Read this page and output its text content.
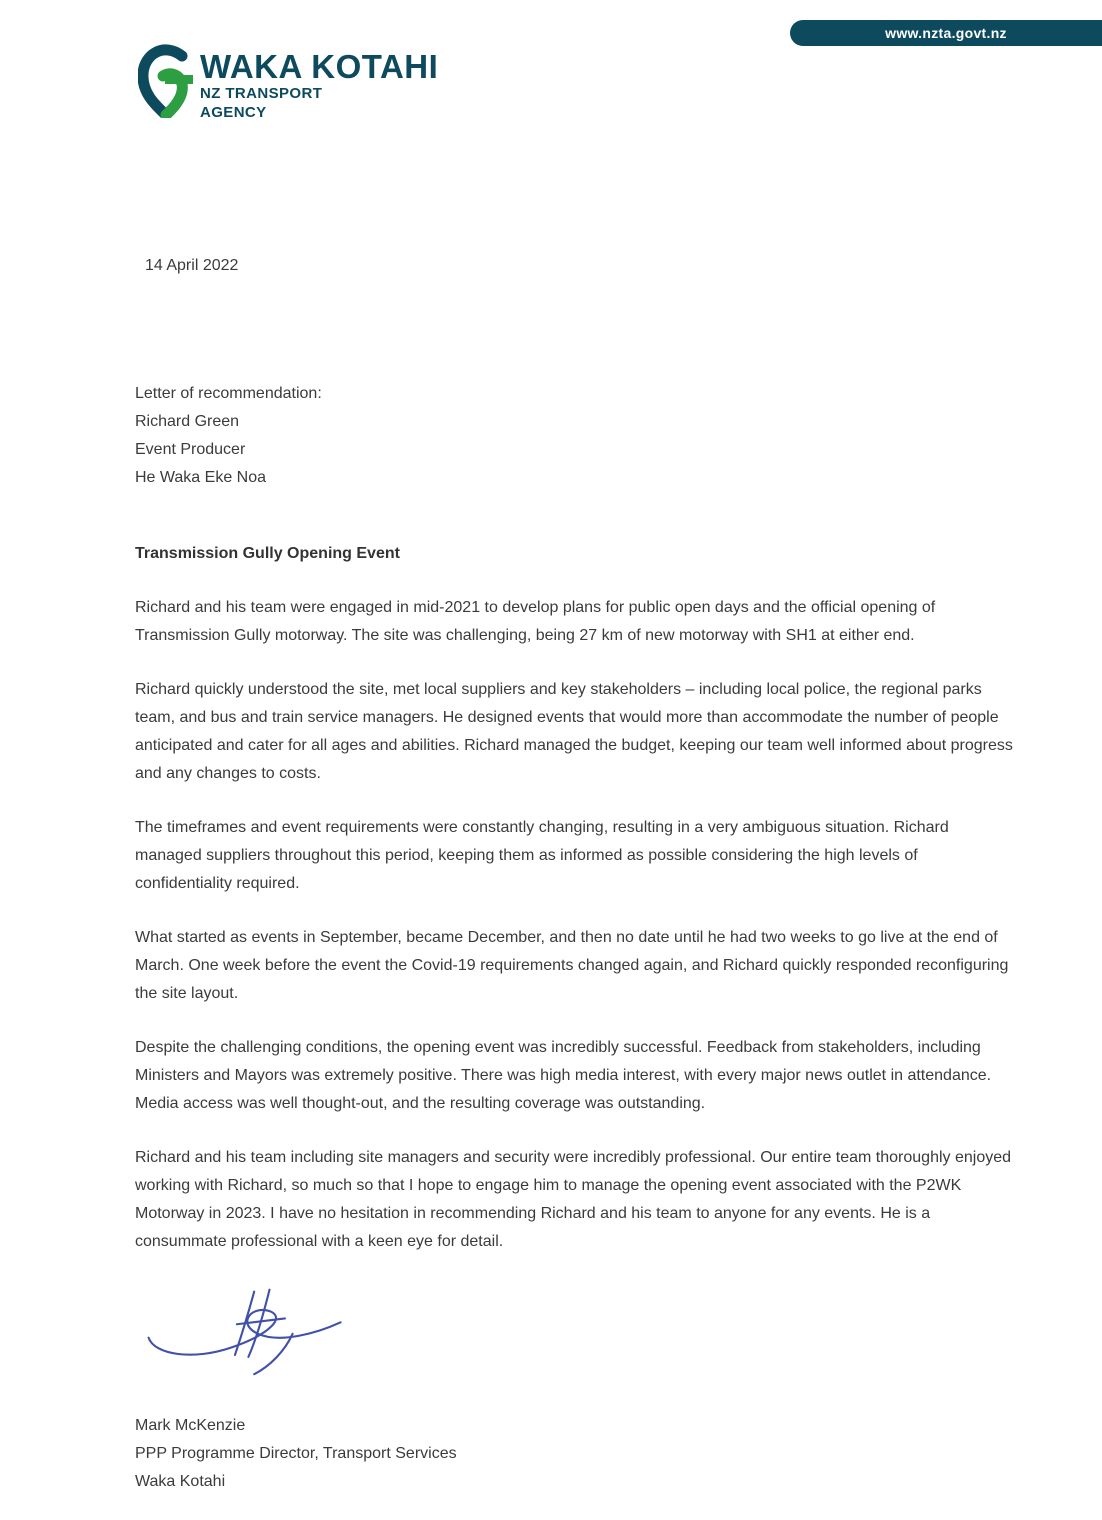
www.nzta.govt.nz
WAKA KOTAHI
NZ TRANSPORT
AGENCY

14 April 2022

Letter of recommendation:

Richard Green

Event Producer

He Waka Eke Noa

Transmission Gully Opening Event

Richard and his team were engaged in mid-2021 to develop plans for public open days and the official opening of Transmission Gully motorway. The site was challenging, being 27 km of new motorway with SH1 at either end.

Richard quickly understood the site, met local suppliers and key stakeholders – including local police, the regional parks team, and bus and train service managers. He designed events that would more than accommodate the number of people anticipated and cater for all ages and abilities. Richard managed the budget, keeping our team well informed about progress and any changes to costs.

The timeframes and event requirements were constantly changing, resulting in a very ambiguous situation. Richard managed suppliers throughout this period, keeping them as informed as possible considering the high levels of confidentiality required.

What started as events in September, became December, and then no date until he had two weeks to go live at the end of March. One week before the event the Covid-19 requirements changed again, and Richard quickly responded reconfiguring the site layout.

Despite the challenging conditions, the opening event was incredibly successful. Feedback from stakeholders, including Ministers and Mayors was extremely positive. There was high media interest, with every major news outlet in attendance. Media access was well thought-out, and the resulting coverage was outstanding.

Richard and his team including site managers and security were incredibly professional. Our entire team thoroughly enjoyed working with Richard, so much so that I hope to engage him to manage the opening event associated with the P2WK Motorway in 2023. I have no hesitation in recommending Richard and his team to anyone for any events. He is a consummate professional with a keen eye for detail.

Mark McKenzie

PPP Programme Director, Transport Services

Waka Kotahi
